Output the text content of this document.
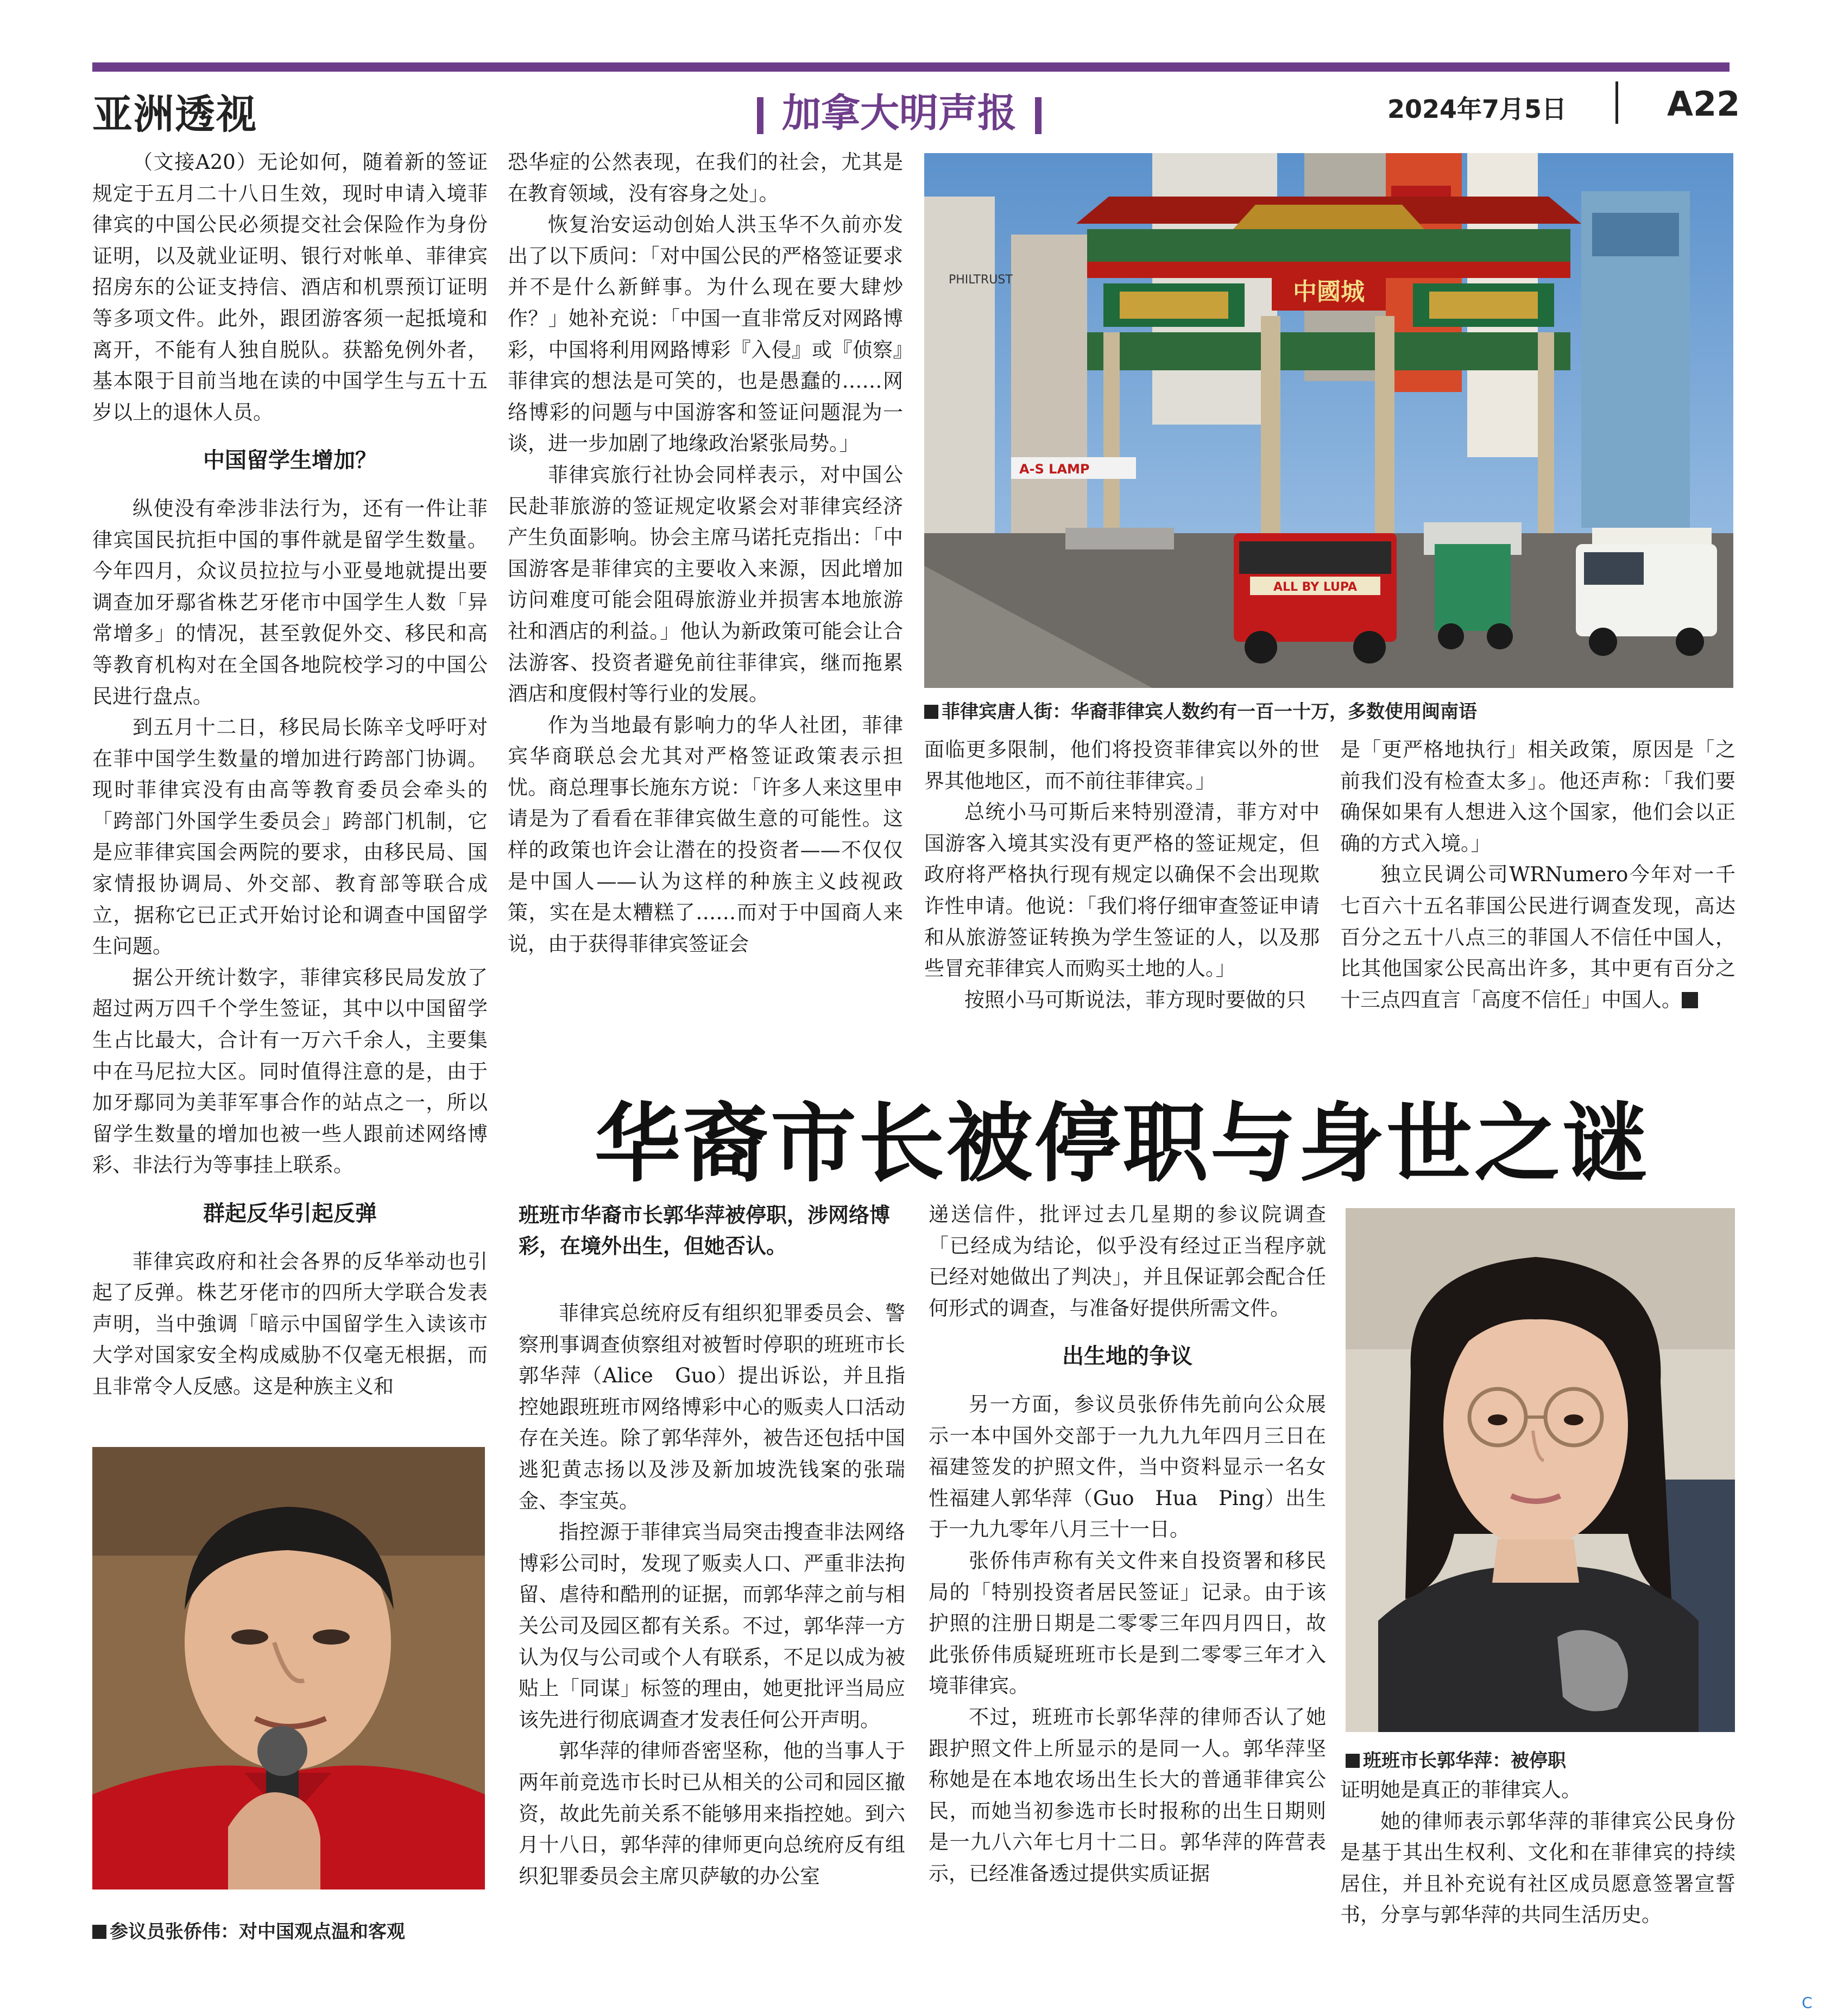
亚洲透视	加拿大明声报	2024年7月5日	A22

（文接A20）无论如何，随着新的签证规定于五月二十八日生效，现时申请入境菲律宾的中国公民必须提交社会保险作为身份证明，以及就业证明、银行对帐单、菲律宾招房东的公证支持信、酒店和机票预订证明等多项文件。此外，跟团游客须一起抵境和离开，不能有人独自脱队。获豁免例外者，基本限于目前当地在读的中国学生与五十五岁以上的退休人员。

中国留学生增加？

纵使没有牵涉非法行为，还有一件让菲律宾国民抗拒中国的事件就是留学生数量。今年四月，众议员拉拉与小亚曼地就提出要调查加牙鄢省株艺牙佬市中国学生人数「异常增多」的情况，甚至敦促外交、移民和高等教育机构对在全国各地院校学习的中国公民进行盘点。

到五月十二日，移民局长陈辛戈呼吁对在菲中国学生数量的增加进行跨部门协调。现时菲律宾没有由高等教育委员会牵头的「跨部门外国学生委员会」跨部门机制，它是应菲律宾国会两院的要求，由移民局、国家情报协调局、外交部、教育部等联合成立，据称它已正式开始讨论和调查中国留学生问题。

据公开统计数字，菲律宾移民局发放了超过两万四千个学生签证，其中以中国留学生占比最大，合计有一万六千余人，主要集中在马尼拉大区。同时值得注意的是，由于加牙鄢同为美菲军事合作的站点之一，所以留学生数量的增加也被一些人跟前述网络博彩、非法行为等事挂上联系。

群起反华引起反弹

菲律宾政府和社会各界的反华举动也引起了反弹。株艺牙佬市的四所大学联合发表声明，当中強调「暗示中国留学生入读该市大学对国家安全构成威胁不仅毫无根据，而且非常令人反感。这是种族主义和

参议员张侨伟：对中国观点温和客观

恐华症的公然表现，在我们的社会，尤其是在教育领域，没有容身之处」。

恢复治安运动创始人洪玉华不久前亦发出了以下质问：「对中国公民的严格签证要求并不是什么新鲜事。为什么现在要大肆炒作？」她补充说：「中国一直非常反对网路博彩，中国将利用网路博彩『入侵』或『侦察』菲律宾的想法是可笑的，也是愚蠢的……网络博彩的问题与中国游客和签证问题混为一谈，进一步加剧了地缘政治紧张局势。」

菲律宾旅行社协会同样表示，对中国公民赴菲旅游的签证规定收紧会对菲律宾经济产生负面影响。协会主席马诺托克指出：「中国游客是菲律宾的主要收入来源，因此增加访问难度可能会阻碍旅游业并损害本地旅游社和酒店的利益。」他认为新政策可能会让合法游客、投资者避免前往菲律宾，继而拖累酒店和度假村等行业的发展。

作为当地最有影响力的华人社团，菲律宾华商联总会尤其对严格签证政策表示担忧。商总理事长施东方说：「许多人来这里申请是为了看看在菲律宾做生意的可能性。这样的政策也许会让潜在的投资者——不仅仅是中国人——认为这样的种族主义歧视政策，实在是太糟糕了……而对于中国商人来说，由于获得菲律宾签证会

PHILTRUST	中國城
A-S LAMP
ALL BY LUPA
菲律宾唐人街：华裔菲律宾人数约有一百一十万，多数使用闽南语

面临更多限制，他们将投资菲律宾以外的世界其他地区，而不前往菲律宾。」

总统小马可斯后来特别澄清，菲方对中国游客入境其实没有更严格的签证规定，但政府将严格执行现有规定以确保不会出现欺诈性申请。他说：「我们将仔细审查签证申请和从旅游签证转换为学生签证的人，以及那些冒充菲律宾人而购买土地的人。」

按照小马可斯说法，菲方现时要做的只

是「更严格地执行」相关政策，原因是「之前我们没有检查太多」。他还声称：「我们要确保如果有人想进入这个国家，他们会以正确的方式入境。」

独立民调公司WRNumero今年对一千七百六十五名菲国公民进行调查发现，高达百分之五十八点三的菲国人不信任中国人，比其他国家公民高出许多，其中更有百分之十三点四直言「高度不信任」中国人。

华裔市长被停职与身世之谜
班班市华裔市长郭华萍被停职，涉网络博彩，在境外出生，但她否认。

菲律宾总统府反有组织犯罪委员会、警察刑事调查侦察组对被暂时停职的班班市长郭华萍（Alice　Guo）提出诉讼，并且指控她跟班班市网络博彩中心的贩卖人口活动存在关连。除了郭华萍外，被告还包括中国逃犯黄志扬以及涉及新加坡洗钱案的张瑞金、李宝英。

指控源于菲律宾当局突击搜查非法网络博彩公司时，发现了贩卖人口、严重非法拘留、虐待和酷刑的证据，而郭华萍之前与相关公司及园区都有关系。不过，郭华萍一方认为仅与公司或个人有联系，不足以成为被贴上「同谋」标签的理由，她更批评当局应该先进行彻底调查才发表任何公开声明。

郭华萍的律师沓密坚称，他的当事人于两年前竞选市长时已从相关的公司和园区撤资，故此先前关系不能够用来指控她。到六月十八日，郭华萍的律师更向总统府反有组织犯罪委员会主席贝萨敏的办公室

递送信件，批评过去几星期的参议院调查「已经成为结论，似乎没有经过正当程序就已经对她做出了判决」，并且保证郭会配合任何形式的调查，与准备好提供所需文件。

出生地的争议

另一方面，参议员张侨伟先前向公众展示一本中国外交部于一九九九年四月三日在福建签发的护照文件，当中资料显示一名女性福建人郭华萍（Guo　Hua　Ping）出生于一九九零年八月三十一日。

张侨伟声称有关文件来自投资署和移民局的「特别投资者居民签证」记录。由于该护照的注册日期是二零零三年四月四日，故此张侨伟质疑班班市长是到二零零三年才入境菲律宾。

不过，班班市长郭华萍的律师否认了她跟护照文件上所显示的是同一人。郭华萍坚称她是在本地农场出生长大的普通菲律宾公民，而她当初参选市长时报称的出生日期则是一九八六年七月十二日。郭华萍的阵营表示，已经准备透过提供实质证据

班班市长郭华萍：被停职

证明她是真正的菲律宾人。

她的律师表示郭华萍的菲律宾公民身份是基于其出生权利、文化和在菲律宾的持续居住，并且补充说有社区成员愿意签署宣誓书，分享与郭华萍的共同生活历史。

C
